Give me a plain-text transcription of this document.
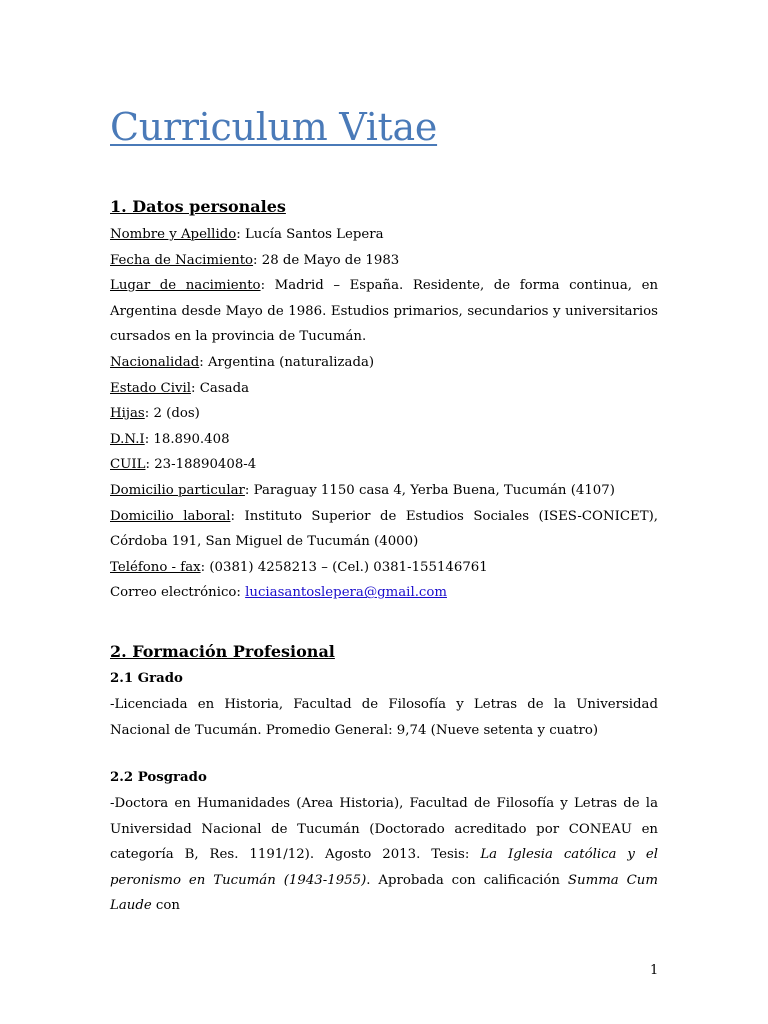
Curriculum Vitae
1. Datos personales

Nombre y Apellido: Lucía Santos Lepera

Fecha de Nacimiento: 28 de Mayo de 1983

Lugar de nacimiento: Madrid – España. Residente, de forma continua, en Argentina desde Mayo de 1986. Estudios primarios, secundarios y universitarios cursados en la provincia de Tucumán.

Nacionalidad: Argentina (naturalizada)

Estado Civil: Casada

Hijas: 2 (dos)

D.N.I: 18.890.408

CUIL: 23-18890408-4

Domicilio particular: Paraguay 1150 casa 4, Yerba Buena, Tucumán (4107)

Domicilio laboral: Instituto Superior de Estudios Sociales (ISES-CONICET), Córdoba 191, San Miguel de Tucumán (4000)

Teléfono - fax: (0381) 4258213 – (Cel.) 0381-155146761

Correo electrónico: luciasantoslepera@gmail.com

2. Formación Profesional
2.1 Grado

-Licenciada en Historia, Facultad de Filosofía y Letras de la Universidad Nacional de Tucumán. Promedio General: 9,74 (Nueve setenta y cuatro)

2.2 Posgrado

-Doctora en Humanidades (Area Historia), Facultad de Filosofía y Letras de la Universidad Nacional de Tucumán (Doctorado acreditado por CONEAU en categoría B, Res. 1191/12). Agosto 2013. Tesis: La Iglesia católica y el peronismo en Tucumán (1943-1955). Aprobada con calificación Summa Cum Laude con

1
